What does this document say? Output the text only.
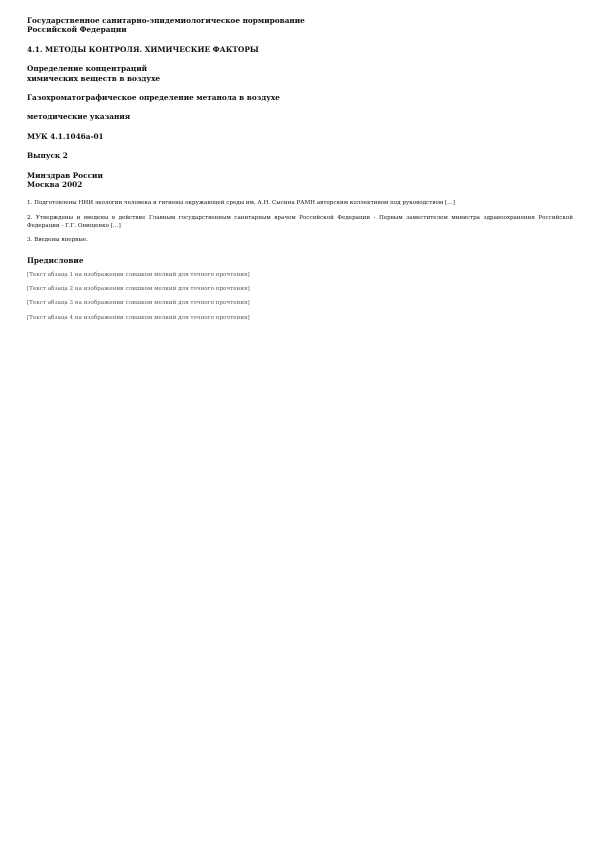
Государственное санитарно-эпидемиологическое нормирование
Российской Федерации
4.1. МЕТОДЫ КОНТРОЛЯ. ХИМИЧЕСКИЕ ФАКТОРЫ
Определение концентраций
химических веществ в воздухе
Газохроматографическое определение метанола в воздухе
методические указания
МУК 4.1.1046а-01
Выпуск 2
Минздрав России
Москва 2002
1. Подготовлены НИИ экологии человека и гигиены окружающей среды им. А.Н. Сысина РАМН авторским коллективом под руководством […]
2. Утверждены и введены в действие Главным государственным санитарным врачом Российской Федерации - Первым заместителем министра здравоохранения Российской Федерации - Г.Г. Онищенко […]
3. Введены впервые.
Предисловие
[Текст абзаца 1 на изображении слишком мелкий для точного прочтения]
[Текст абзаца 2 на изображении слишком мелкий для точного прочтения]
[Текст абзаца 3 на изображении слишком мелкий для точного прочтения]
[Текст абзаца 4 на изображении слишком мелкий для точного прочтения]
